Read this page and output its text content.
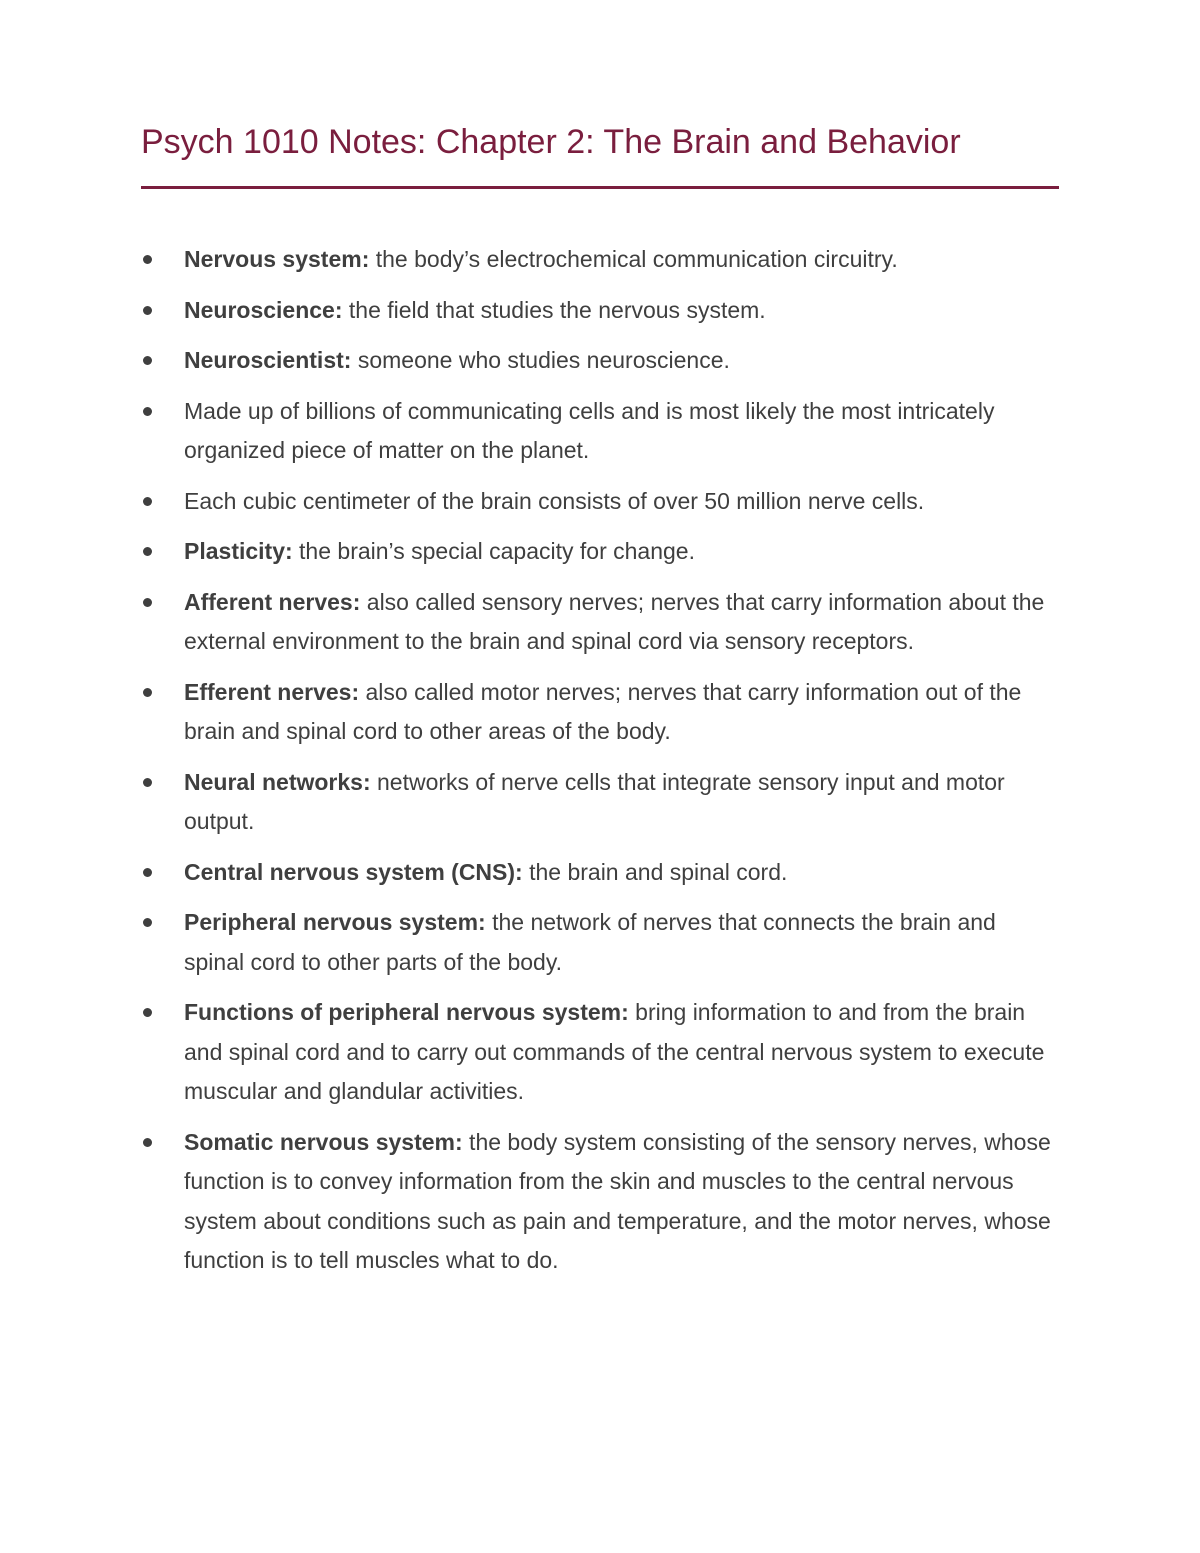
Psych 1010 Notes: Chapter 2: The Brain and Behavior
Nervous system: the body’s electrochemical communication circuitry.
Neuroscience: the field that studies the nervous system.
Neuroscientist: someone who studies neuroscience.
Made up of billions of communicating cells and is most likely the most intricately organized piece of matter on the planet.
Each cubic centimeter of the brain consists of over 50 million nerve cells.
Plasticity: the brain’s special capacity for change.
Afferent nerves: also called sensory nerves; nerves that carry information about the external environment to the brain and spinal cord via sensory receptors.
Efferent nerves: also called motor nerves; nerves that carry information out of the brain and spinal cord to other areas of the body.
Neural networks: networks of nerve cells that integrate sensory input and motor output.
Central nervous system (CNS): the brain and spinal cord.
Peripheral nervous system: the network of nerves that connects the brain and spinal cord to other parts of the body.
Functions of peripheral nervous system: bring information to and from the brain and spinal cord and to carry out commands of the central nervous system to execute muscular and glandular activities.
Somatic nervous system: the body system consisting of the sensory nerves, whose function is to convey information from the skin and muscles to the central nervous system about conditions such as pain and temperature, and the motor nerves, whose function is to tell muscles what to do.
